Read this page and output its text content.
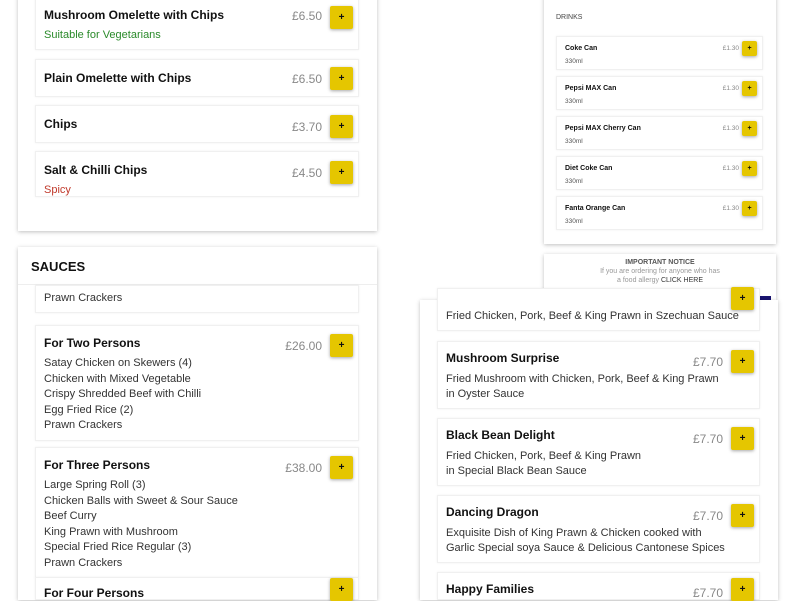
Mushroom Omelette with Chips
Suitable for Vegetarians
£6.50	+
Plain Omelette with Chips	£6.50	+
Chips	£3.70	+
Salt & Chilli Chips
Spicy
£4.50	+
DRINKS
Coke Can
330ml
£1.30	+
Pepsi MAX Can
330ml
£1.30	+
Pepsi MAX Cherry Can
330ml
£1.30	+
Diet Coke Can
330ml
£1.30	+
Fanta Orange Can
330ml
£1.30	+
IMPORTANT NOTICE
If you are ordering for anyone who has
a food allergy CLICK HERE
SAUCES
Prawn Crackers
For Two Persons
Satay Chicken on Skewers (4)
Chicken with Mixed Vegetable
Crispy Shredded Beef with Chilli
Egg Fried Rice (2)
Prawn Crackers
£26.00	+
For Three Persons
Large Spring Roll (3)
Chicken Balls with Sweet & Sour Sauce
Beef Curry
King Prawn with Mushroom
Special Fried Rice Regular (3)
Prawn Crackers
£38.00	+
For Four Persons	+
Fried Chicken, Pork, Beef & King Prawn in Szechuan Sauce
+
Mushroom Surprise
Fried Mushroom with Chicken, Pork, Beef & King Prawn
in Oyster Sauce
£7.70	+
Black Bean Delight
Fried Chicken, Pork, Beef & King Prawn
in Special Black Bean Sauce
£7.70	+
Dancing Dragon
Exquisite Dish of King Prawn & Chicken cooked with
Garlic Special soya Sauce & Delicious Cantonese Spices
£7.70	+
Happy Families	£7.70	+
